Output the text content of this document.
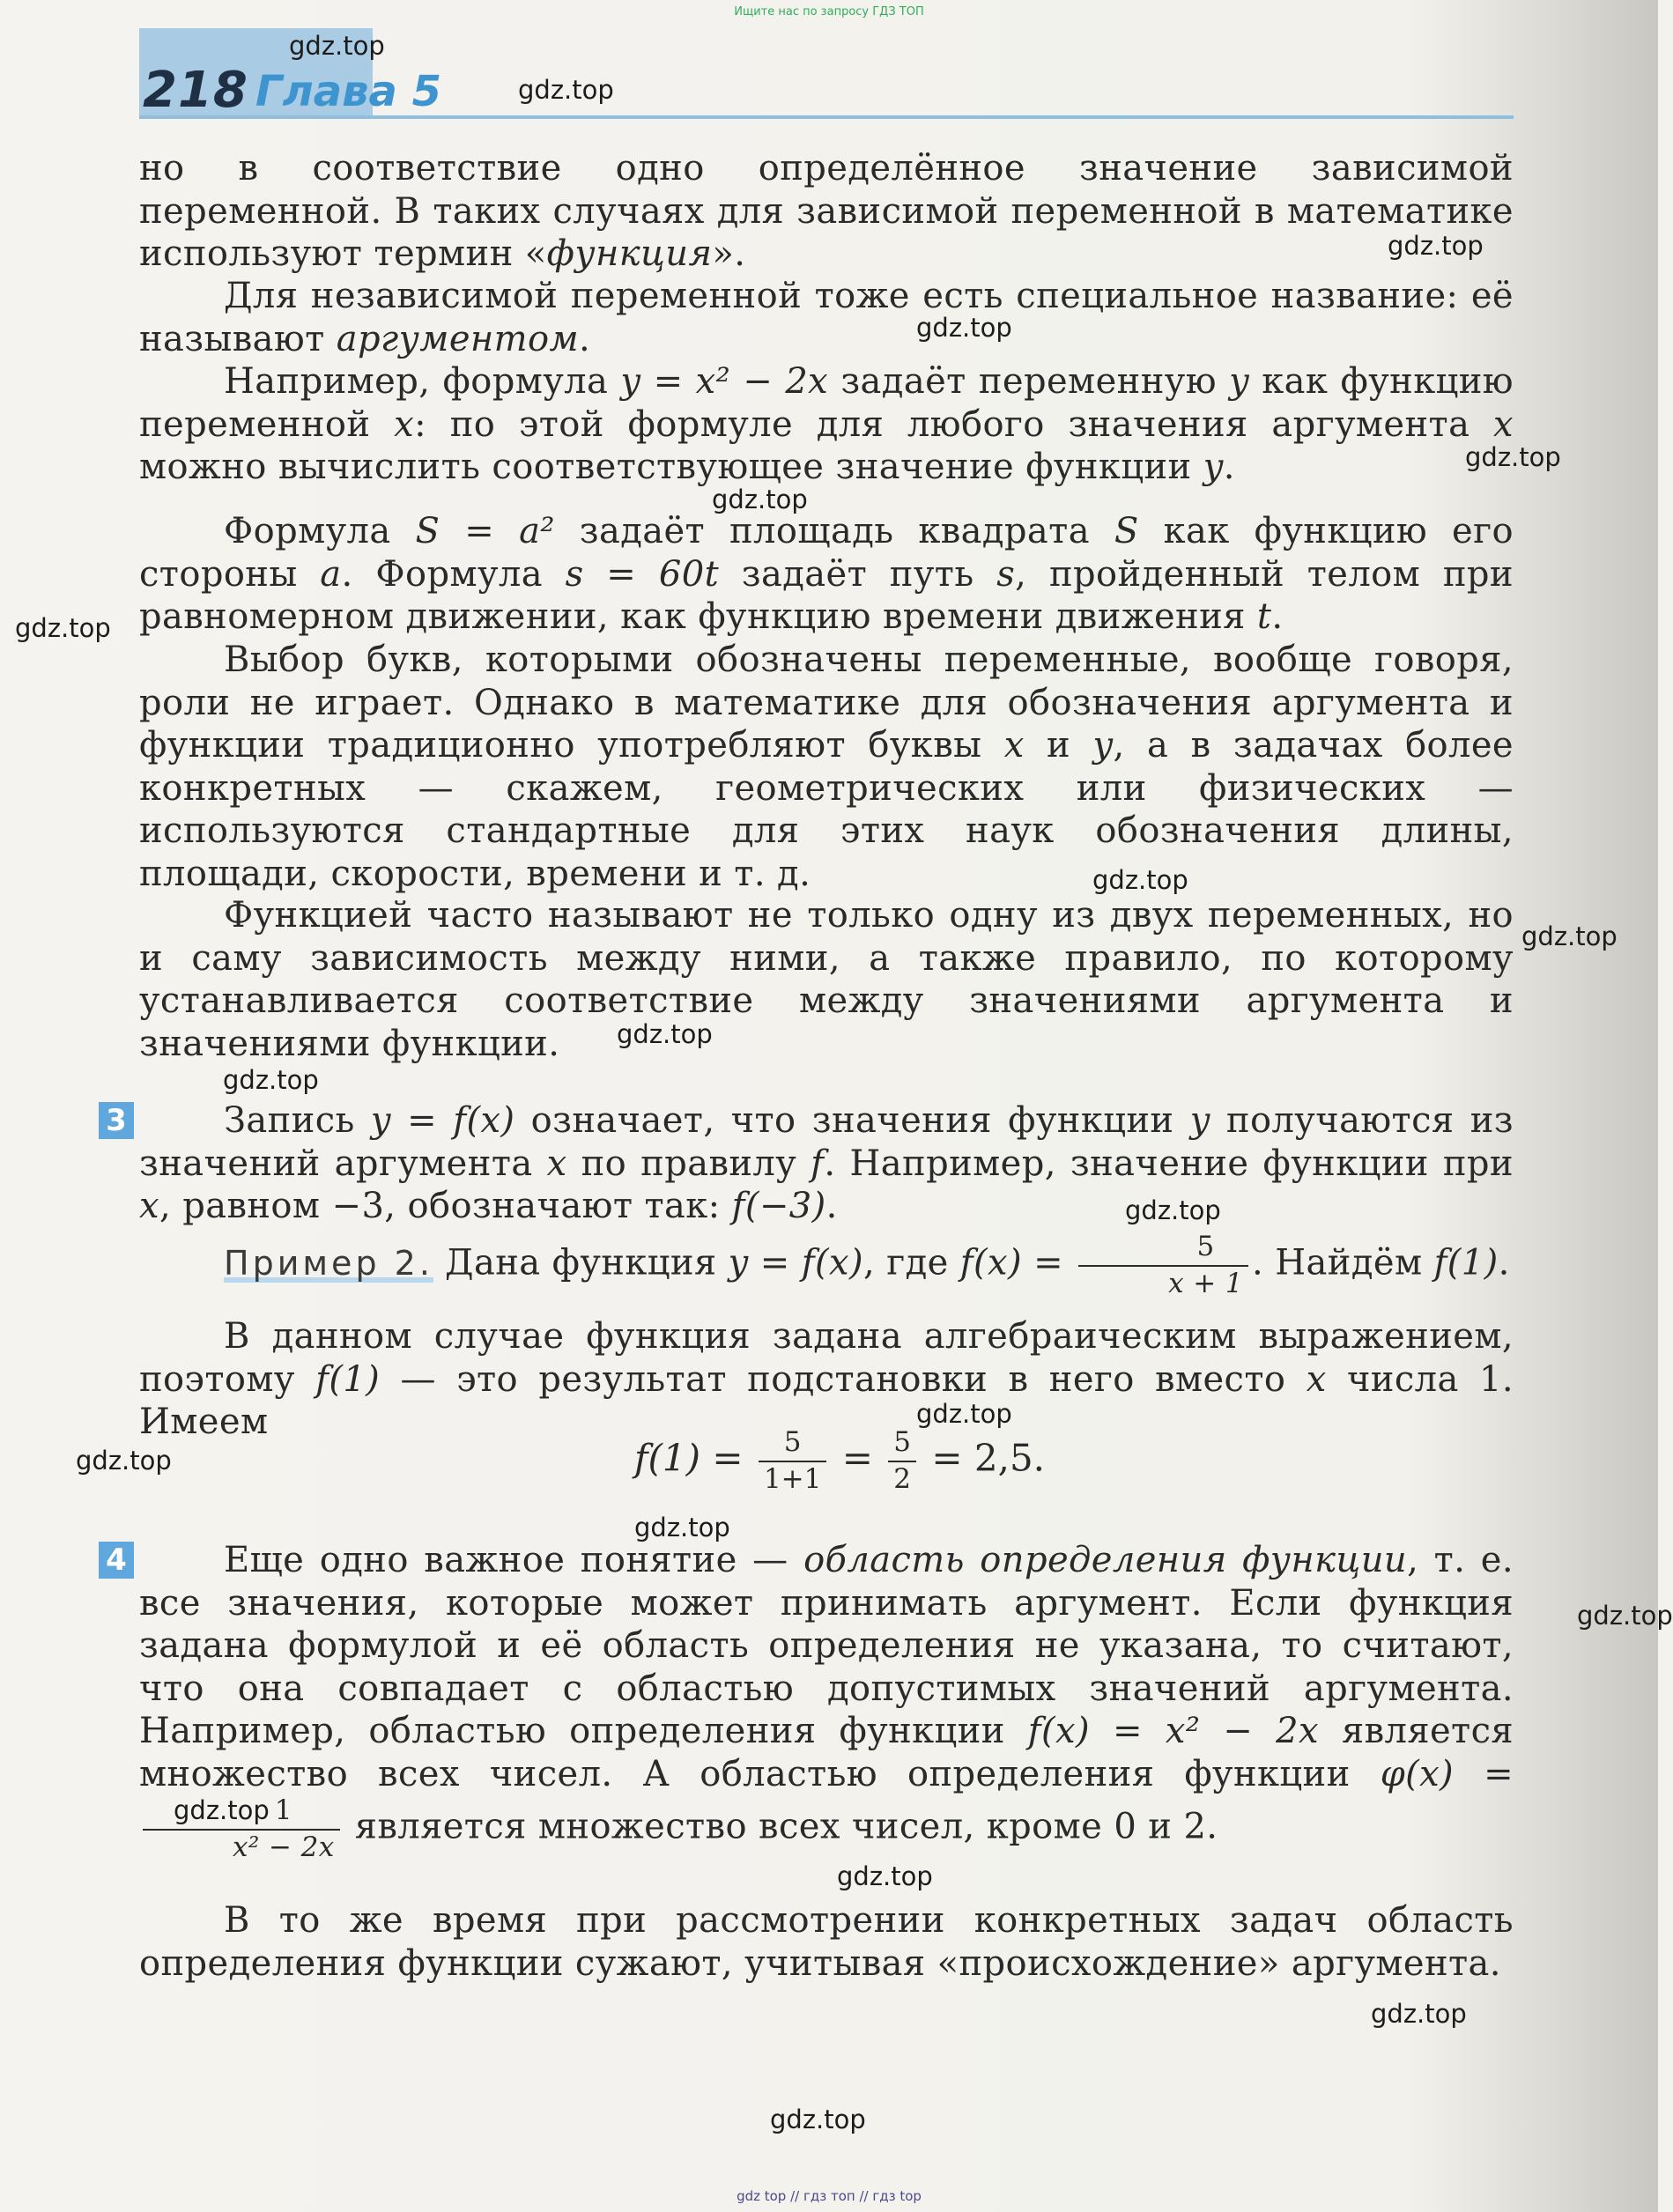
Ищите нас по запросу ГДЗ ТОП
218 Глава 5

но в соответствие одно определённое значение зависимой переменной. В таких случаях для зависимой переменной в математике используют термин «функция».

Для независимой переменной тоже есть специальное название: её называют аргументом.

Например, формула y = x² − 2x задаёт переменную y как функцию переменной x: по этой формуле для любого значения аргумента x можно вычислить соответствующее значение функции y.

Формула S = a² задаёт площадь квадрата S как функцию его стороны a. Формула s = 60t задаёт путь s, пройденный телом при равномерном движении, как функцию времени движения t.

Выбор букв, которыми обозначены переменные, вообще говоря, роли не играет. Однако в математике для обозначения аргумента и функции традиционно употребляют буквы x и y, а в задачах более конкретных — скажем, геометрических или физических — используются стандартные для этих наук обозначения длины, площади, скорости, времени и т. д.

Функцией часто называют не только одну из двух переменных, но и саму зависимость между ними, а также правило, по которому устанавливается соответствие между значениями аргумента и значениями функции.

3	Запись y = f(x) означает, что значения функции y получаются из значений аргумента x по правилу f. Например, значение функции при x, равном −3, обозначают так: f(−3).

Пример 2. Дана функция y = f(x), где $f(x) = \frac{5}{x + 1}$ . Найдём f(1).

В данном случае функция задана алгебраическим выражением, поэтому f(1) — это результат подстановки в него вместо x числа 1. Имеем

$f(1) = \frac{5}{1+1} = \frac{5}{2} = 2,5$.
4	Еще одно важное понятие — область определения функции, т. е. все значения, которые может принимать аргумент. Если функция задана формулой и её область определения не указана, то считают, что она совпадает с областью допустимых значений аргумента. Например, областью определения функции f(x) = x² − 2x является множество всех чисел. А областью определения функции φ(x) =
$\frac{1}{\text{x² − 2x}}$ является множество всех чисел, кроме 0 и 2.

В то же время при рассмотрении конкретных задач область определения функции сужают, учитывая «происхождение» аргумента.

gdz.top
gdz.top
gdz.top
gdz.top
gdz.top
gdz.top
gdz.top
gdz.top
gdz.top
gdz.top
gdz.top
gdz.top
gdz.top
gdz.top
gdz.top
gdz.top
gdz.top
gdz.top
gdz.top
gdz.top
gdz top // гдз топ // гдз top
